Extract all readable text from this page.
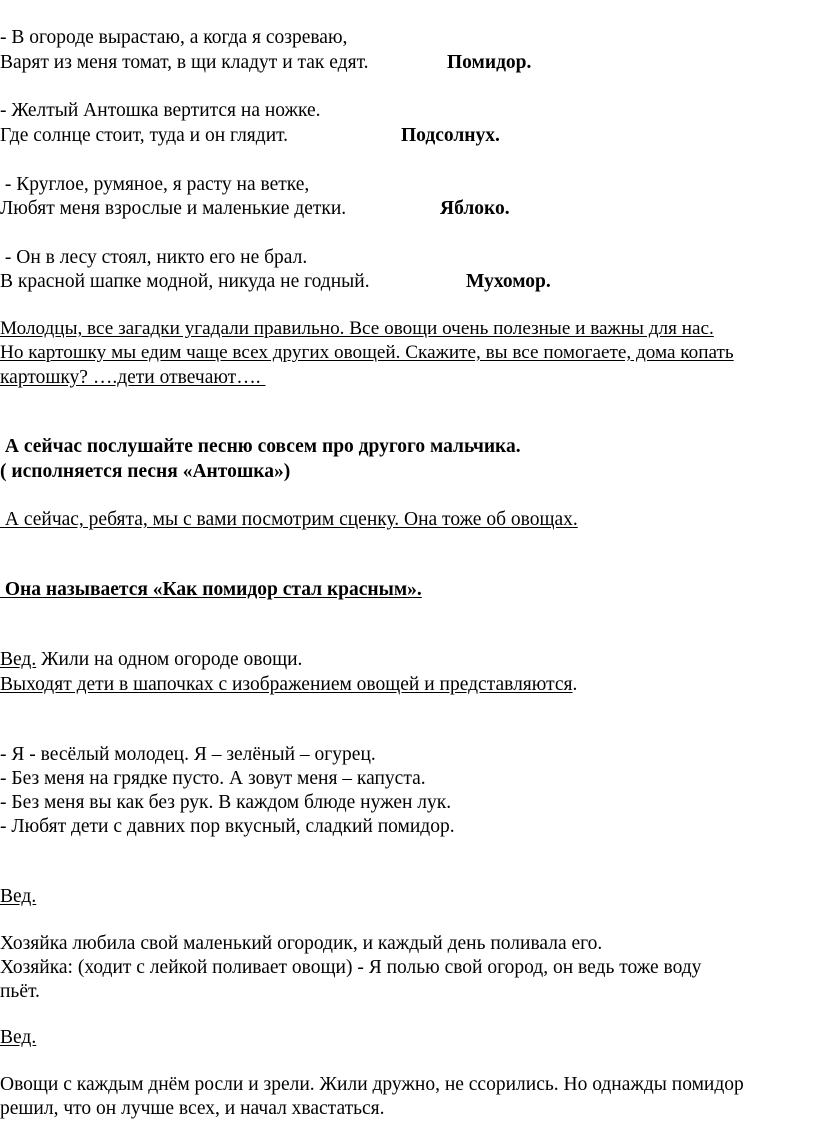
- В огороде вырастаю, а когда я созреваю,
Варят из меня томат, в щи кладут и так едят.	Помидор.
- Желтый Антошка вертится на ножке.
Где солнце стоит, туда и он глядит.	Подсолнух.
- Круглое, румяное, я расту на ветке,
Любят меня взрослые и маленькие детки.	Яблоко.
- Он в лесу стоял, никто его не брал.
В красной шапке модной, никуда не годный.	Мухомор.
Молодцы, все загадки угадали правильно. Все овощи очень полезные и важны для нас.
Но картошку мы едим чаще всех других овощей. Скажите, вы все помогаете, дома копать
картошку? ….дети отвечают….
А сейчас послушайте песню совсем про другого мальчика.
( исполняется песня «Антошка»)
А сейчас, ребята, мы с вами посмотрим сценку. Она тоже об овощах.
Она называется «Как помидор стал красным».
Вед. Жили на одном огороде овощи.
Выходят дети в шапочках с изображением овощей и представляются.
- Я - весёлый молодец. Я – зелёный – огурец.
- Без меня на грядке пусто. А зовут меня – капуста.
- Без меня вы как без рук. В каждом блюде нужен лук.
- Любят дети с давних пор вкусный, сладкий помидор.
Вед.
Хозяйка любила свой маленький огородик, и каждый день поливала его.
Хозяйка: (ходит с лейкой поливает овощи) - Я полью свой огород, он ведь тоже воду
пьёт.
Вед.
Овощи с каждым днём росли и зрели. Жили дружно, не ссорились. Но однажды помидор
решил, что он лучше всех, и начал хвастаться.
